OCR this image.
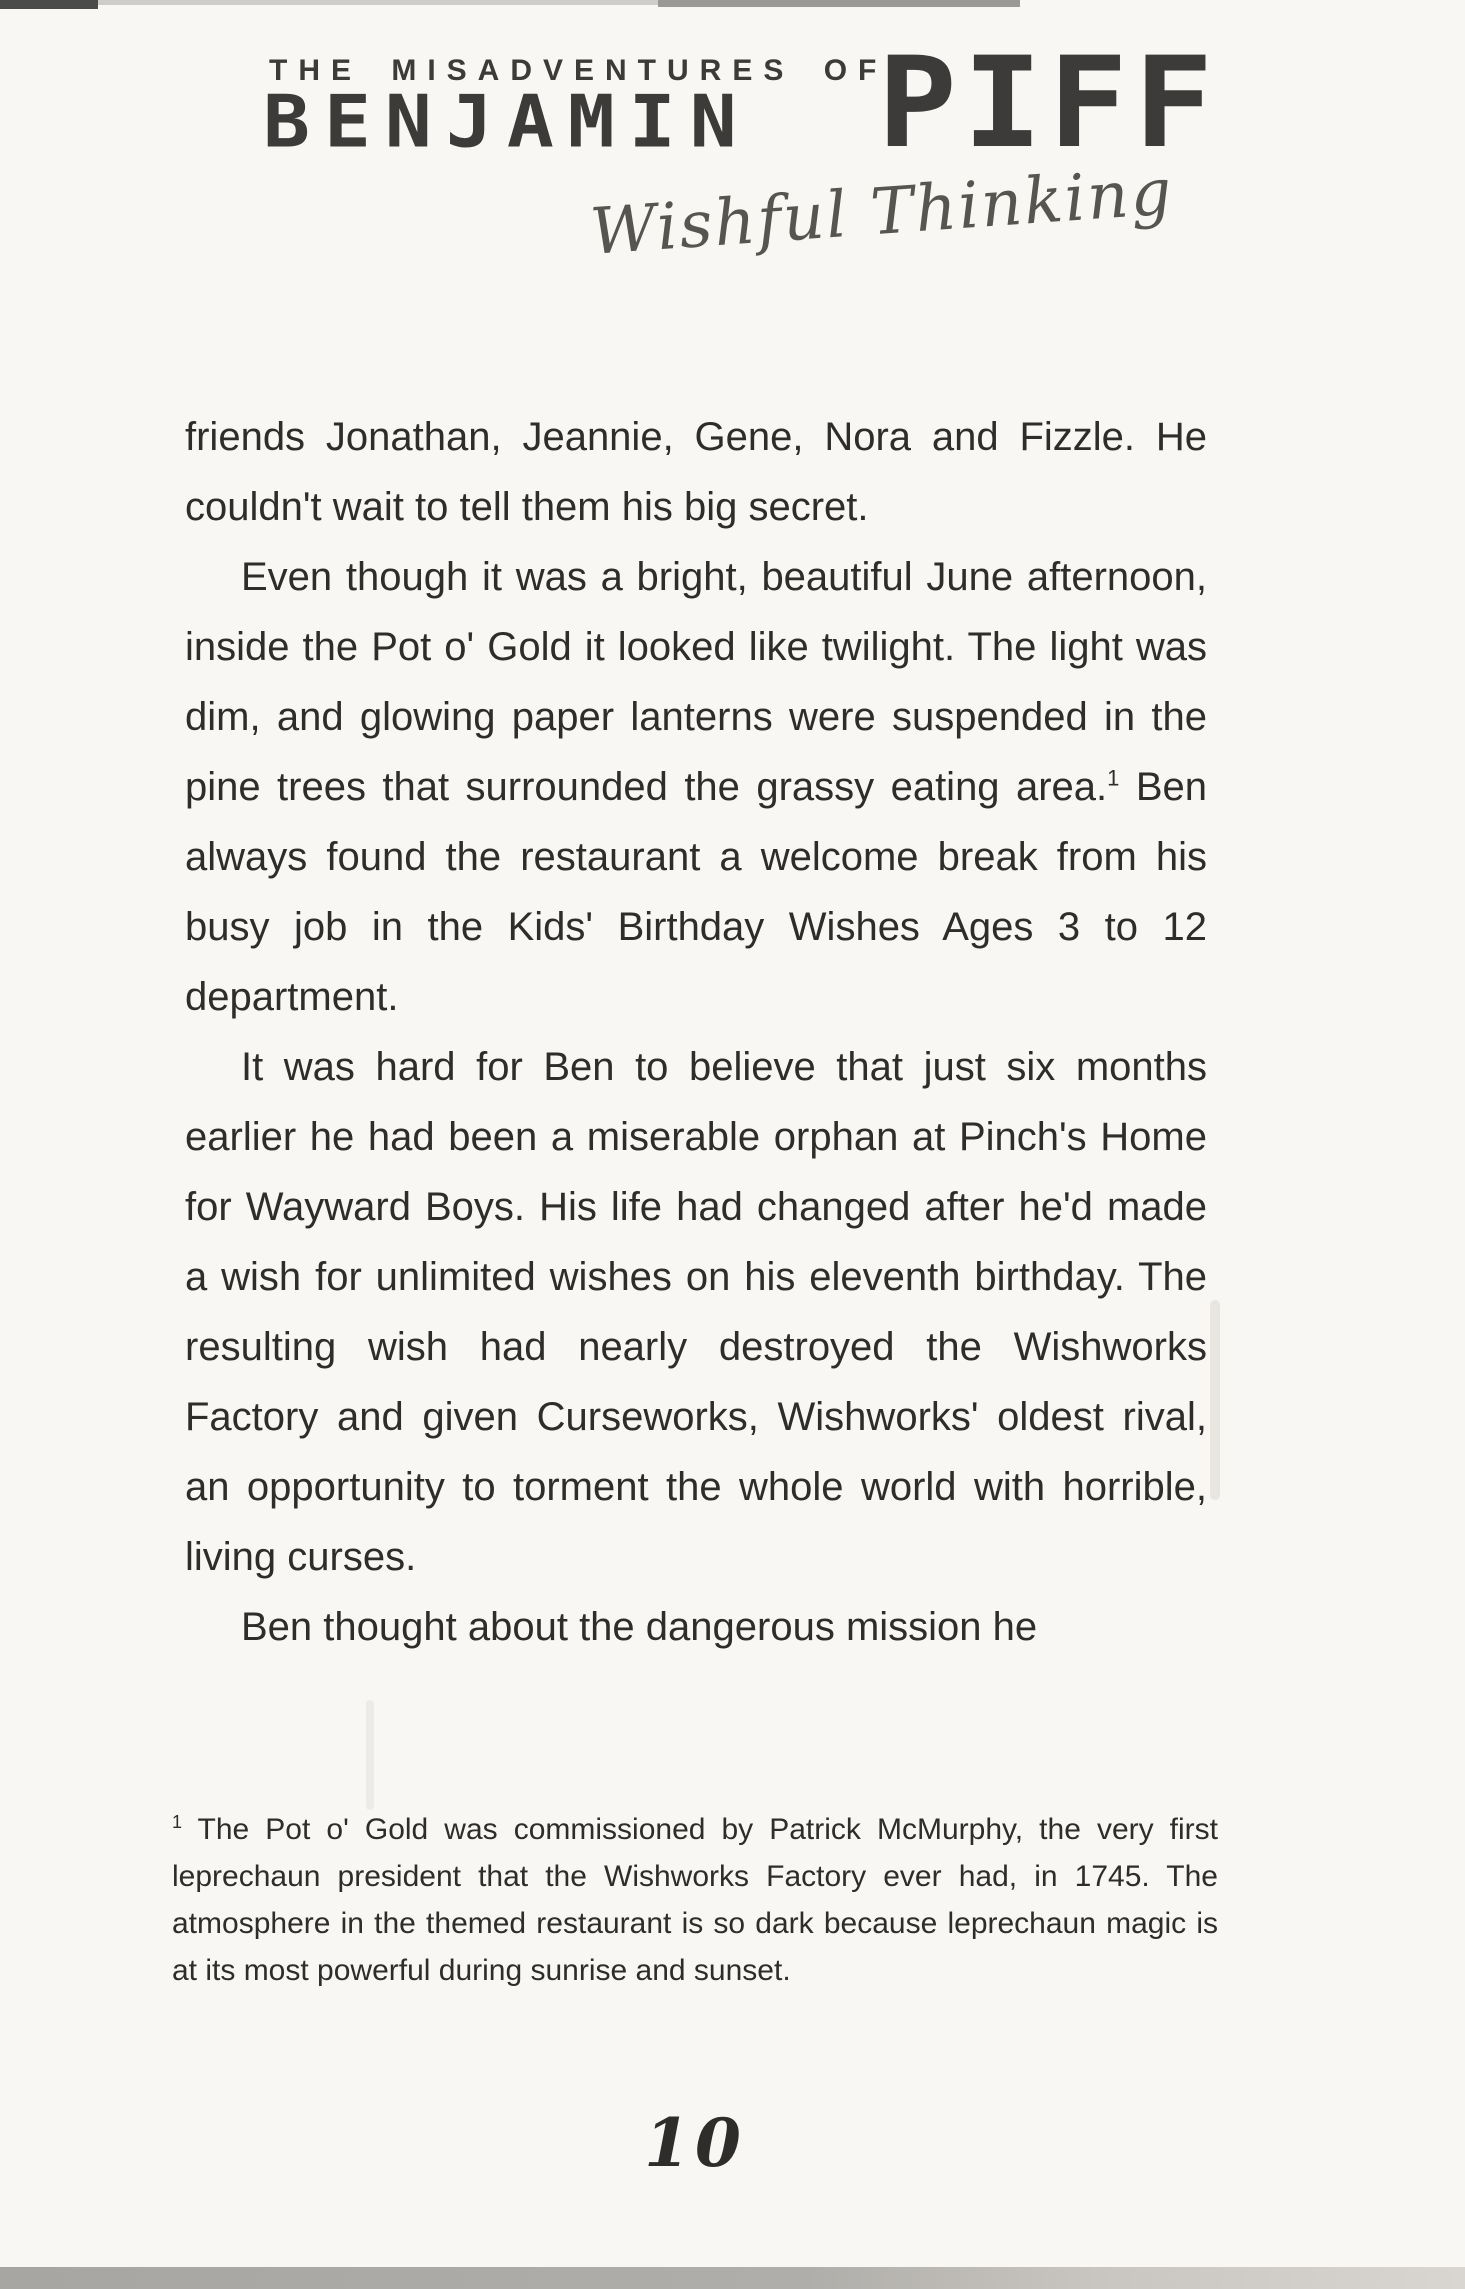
THE MISADVENTURES OF
BENJAMIN PIFF
Wishful Thinking

friends Jonathan, Jeannie, Gene, Nora and Fizzle. He couldn't wait to tell them his big secret.

Even though it was a bright, beautiful June afternoon, inside the Pot o' Gold it looked like twilight. The light was dim, and glowing paper lanterns were suspended in the pine trees that surrounded the grassy eating area.$^1$ Ben always found the restaurant a welcome break from his busy job in the Kids' Birthday Wishes Ages 3 to 12 department.

It was hard for Ben to believe that just six months earlier he had been a miserable orphan at Pinch's Home for Wayward Boys. His life had changed after he'd made a wish for unlimited wishes on his eleventh birthday. The resulting wish had nearly destroyed the Wishworks Factory and given Curseworks, Wishworks' oldest rival, an opportunity to torment the whole world with horrible, living curses.

Ben thought about the dangerous mission he

$^1$ The Pot o' Gold was commissioned by Patrick McMurphy, the very first leprechaun president that the Wishworks Factory ever had, in 1745. The atmosphere in the themed restaurant is so dark because leprechaun magic is at its most powerful during sunrise and sunset.

10
